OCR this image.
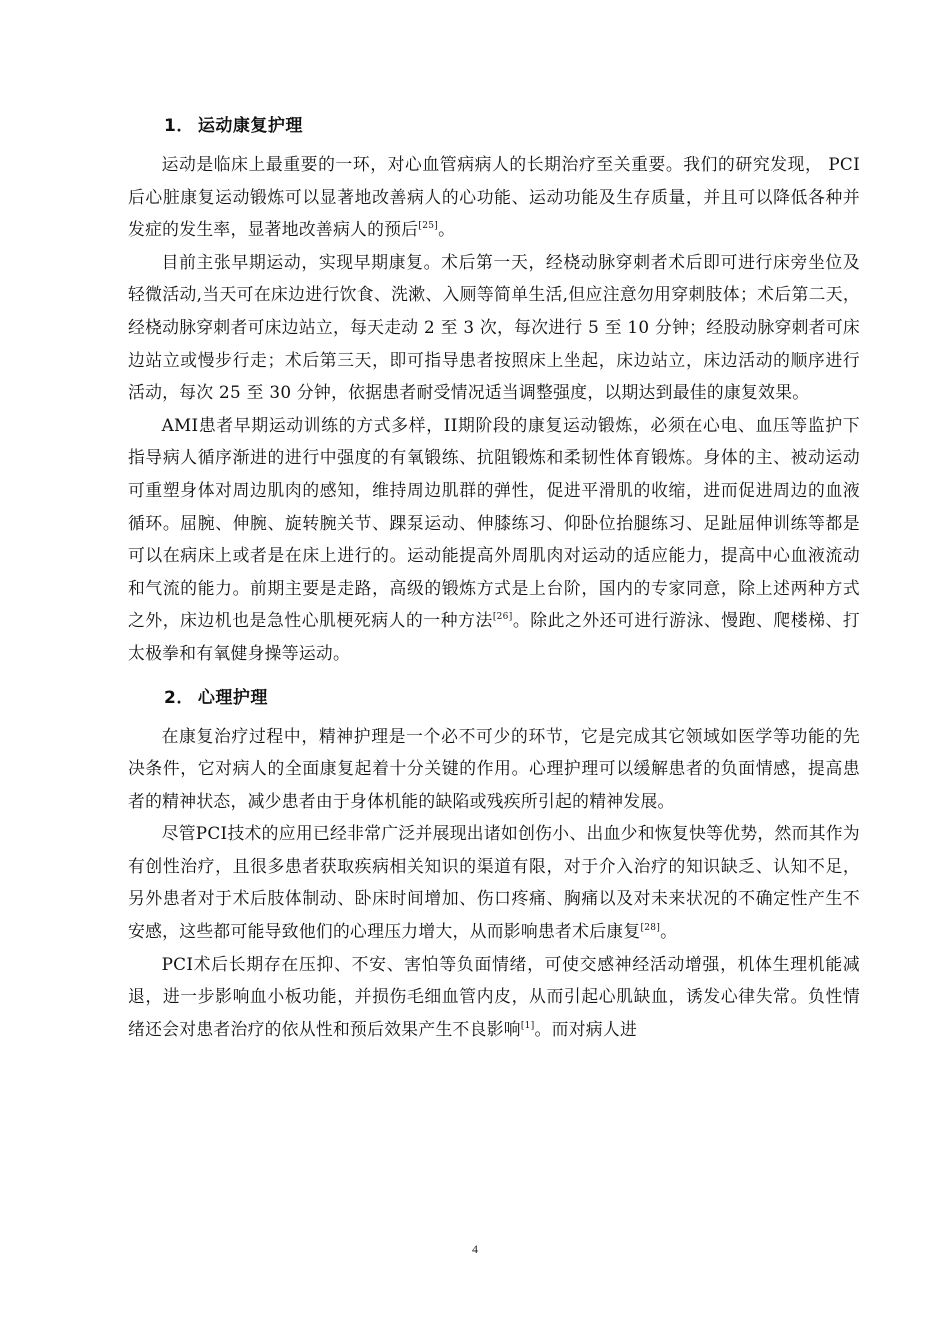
1． 运动康复护理

运动是临床上最重要的一环，对心血管病病人的长期治疗至关重要。我们的研究发现， PCI后心脏康复运动锻炼可以显著地改善病人的心功能、运动功能及生存质量，并且可以降低各种并发症的发生率，显著地改善病人的预后[25]。

目前主张早期运动，实现早期康复。术后第一天，经桡动脉穿刺者术后即可进行床旁坐位及轻微活动,当天可在床边进行饮食、洗漱、入厕等简单生活,但应注意勿用穿刺肢体；术后第二天，经桡动脉穿刺者可床边站立，每天走动 2 至 3 次，每次进行 5 至 10 分钟；经股动脉穿刺者可床边站立或慢步行走；术后第三天，即可指导患者按照床上坐起，床边站立，床边活动的顺序进行活动，每次 25 至 30 分钟，依据患者耐受情况适当调整强度，以期达到最佳的康复效果。

AMI患者早期运动训练的方式多样，II期阶段的康复运动锻炼，必须在心电、血压等监护下指导病人循序渐进的进行中强度的有氧锻练、抗阻锻炼和柔韧性体育锻炼。身体的主、被动运动可重塑身体对周边肌肉的感知，维持周边肌群的弹性，促进平滑肌的收缩，进而促进周边的血液循环。屈腕、伸腕、旋转腕关节、踝泵运动、伸膝练习、仰卧位抬腿练习、足趾屈伸训练等都是可以在病床上或者是在床上进行的。运动能提高外周肌肉对运动的适应能力，提高中心血液流动和气流的能力。前期主要是走路，高级的锻炼方式是上台阶，国内的专家同意，除上述两种方式之外，床边机也是急性心肌梗死病人的一种方法[26]。除此之外还可进行游泳、慢跑、爬楼梯、打太极拳和有氧健身操等运动。

2． 心理护理

在康复治疗过程中，精神护理是一个必不可少的环节，它是完成其它领域如医学等功能的先决条件，它对病人的全面康复起着十分关键的作用。心理护理可以缓解患者的负面情感，提高患者的精神状态，减少患者由于身体机能的缺陷或残疾所引起的精神发展。

尽管PCI技术的应用已经非常广泛并展现出诸如创伤小、出血少和恢复快等优势，然而其作为有创性治疗，且很多患者获取疾病相关知识的渠道有限，对于介入治疗的知识缺乏、认知不足，另外患者对于术后肢体制动、卧床时间增加、伤口疼痛、胸痛以及对未来状况的不确定性产生不安感，这些都可能导致他们的心理压力增大，从而影响患者术后康复[28]。

PCI术后长期存在压抑、不安、害怕等负面情绪，可使交感神经活动增强，机体生理机能减退，进一步影响血小板功能，并损伤毛细血管内皮，从而引起心肌缺血，诱发心律失常。负性情绪还会对患者治疗的依从性和预后效果产生不良影响[1]。而对病人进

4
